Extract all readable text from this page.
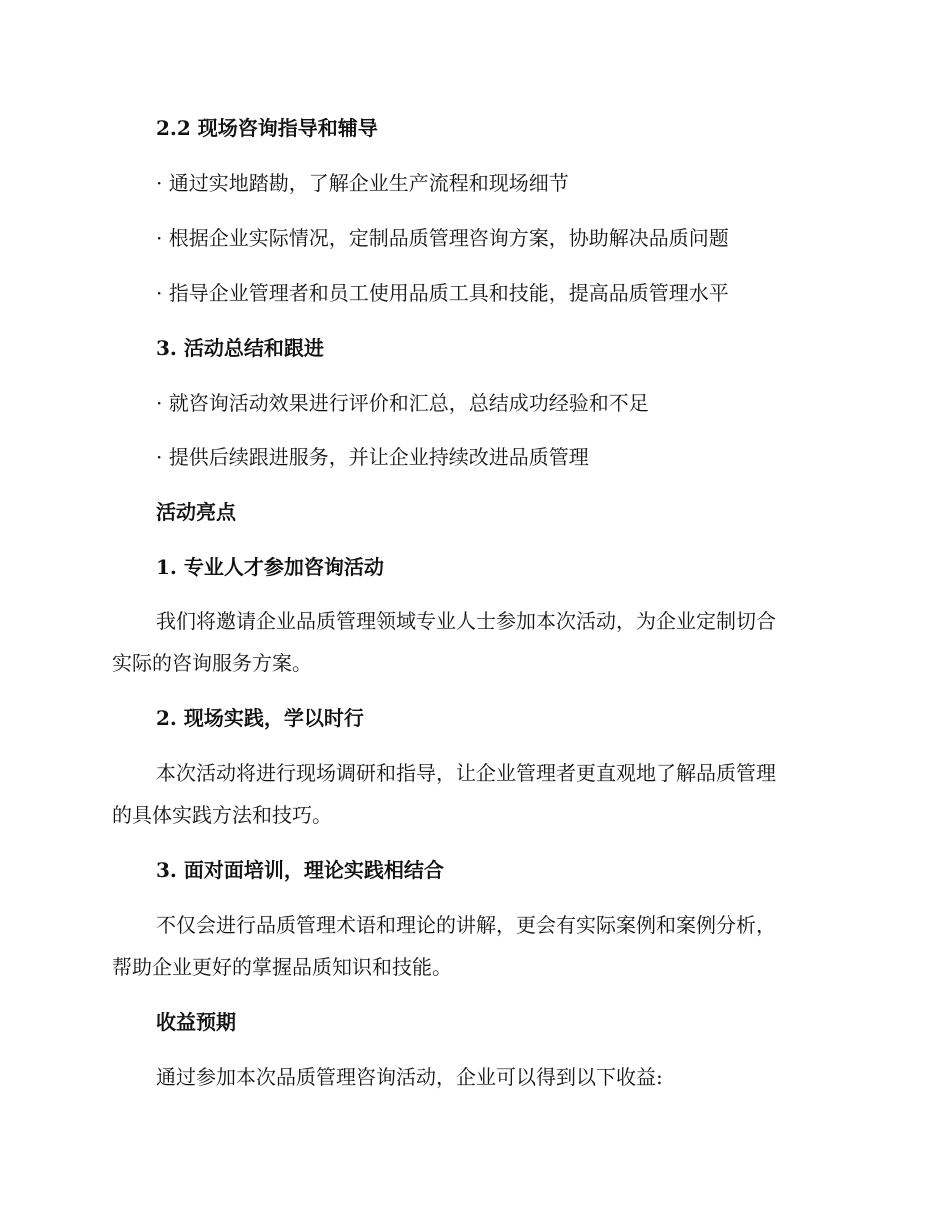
2.2 现场咨询指导和辅导
· 通过实地踏勘，了解企业生产流程和现场细节
· 根据企业实际情况，定制品质管理咨询方案，协助解决品质问题
· 指导企业管理者和员工使用品质工具和技能，提高品质管理水平
3. 活动总结和跟进
· 就咨询活动效果进行评价和汇总，总结成功经验和不足
· 提供后续跟进服务，并让企业持续改进品质管理
活动亮点
1. 专业人才参加咨询活动
我们将邀请企业品质管理领域专业人士参加本次活动，为企业定制切合
实际的咨询服务方案。
2. 现场实践，学以时行
本次活动将进行现场调研和指导，让企业管理者更直观地了解品质管理
的具体实践方法和技巧。
3. 面对面培训，理论实践相结合
不仅会进行品质管理术语和理论的讲解，更会有实际案例和案例分析，
帮助企业更好的掌握品质知识和技能。
收益预期
通过参加本次品质管理咨询活动，企业可以得到以下收益:
